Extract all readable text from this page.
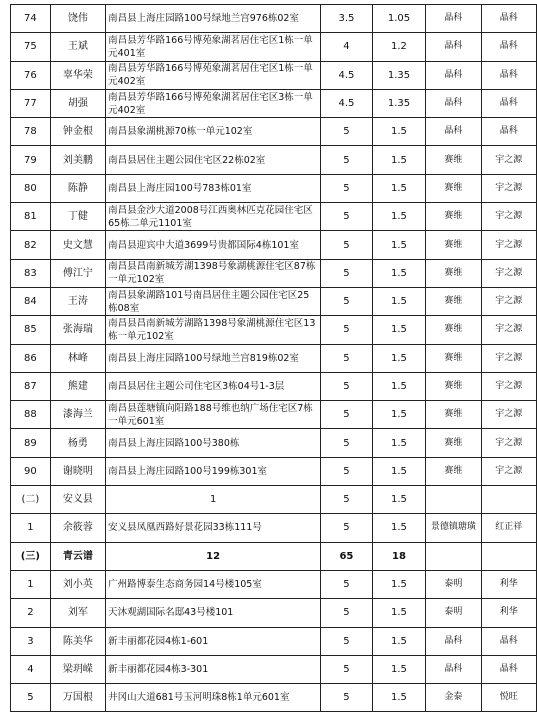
74	饶伟	南昌县上海庄园路100号绿地兰宫976栋02室	3.5	1.05	晶科	晶科
75	王斌	南昌县芳华路166号博苑象湖茗居住宅区1栋一单元401室	4	1.2	晶科	晶科
76	辜华荣	南昌县芳华路166号博苑象湖茗居住宅区1栋一单元402室	4.5	1.35	晶科	晶科
77	胡强	南昌县芳华路166号博苑象湖茗居住宅区3栋一单元402室	4.5	1.35	晶科	晶科
78	钟金根	南昌县象湖桃源70栋一单元102室	5	1.5	晶科	晶科
79	刘美鹏	南昌县居住主题公园住宅区22栋02室	5	1.5	赛维	宇之源
80	陈静	南昌县上海庄园100号783栋01室	5	1.5	赛维	宇之源
81	丁健	南昌县金沙大道2008号江西奥林匹克花园住宅区65栋二单元1101室	5	1.5	赛维	宇之源
82	史文慧	南昌县迎宾中大道3699号贵都国际4栋101室	5	1.5	赛维	宇之源
83	傅江宁	南昌县昌南新城芳湖1398号象湖桃源住宅区87栋一单元102室	5	1.5	赛维	宇之源
84	王涛	南昌县象湖路101号南昌居住主题公园住宅区25栋08室	5	1.5	赛维	宇之源
85	张海瑞	南昌县昌南新城芳湖路1398号象湖桃源住宅区13栋一单元102室	5	1.5	赛维	宇之源
86	林峰	南昌县上海庄园路100号绿地兰宫819栋02室	5	1.5	赛维	宇之源
87	熊建	南昌县居住主题公司住宅区3栋04号1-3层	5	1.5	赛维	宇之源
88	漆海兰	南昌县莲塘镇向阳路188号维也纳广场住宅区7栋一单元601室	5	1.5	赛维	宇之源
89	杨勇	南昌县上海庄园路100号380栋	5	1.5	赛维	宇之源
90	谢晓明	南昌县上海庄园路100号199栋301室	5	1.5	赛维	宇之源
(二)	安义县	1	5	1.5		
1	余筱蓉	安义县凤凰西路好景花园33栋111号	5	1.5	景德镇瑭璜	红正祥
(三)	青云谱	12	65	18		
1	刘小英	广州路博泰生态商务园14号楼105室	5	1.5	泰明	利华
2	刘军	天沐观湖国际名邸43号楼101	5	1.5	泰明	利华
3	陈美华	新丰丽都花园4栋1-601	5	1.5	晶科	晶科
4	梁玥嵘	新丰丽都花园4栋3-301	5	1.5	晶科	晶科
5	万国根	井冈山大道681号玉河明珠8栋1单元601室	5	1.5	金泰	悦旺
